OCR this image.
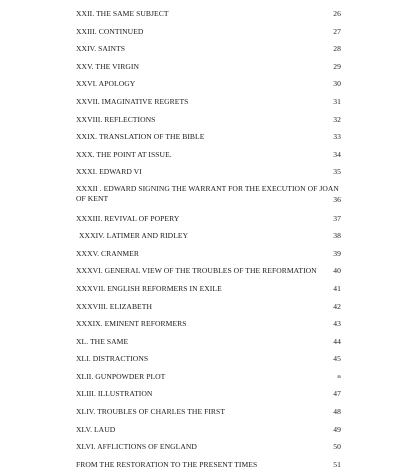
XXII. THE SAME SUBJECT	26
XXIII. CONTINUED	27
XXIV. SAINTS	28
XXV. THE VIRGIN	29
XXVI. APOLOGY	30
XXVII. IMAGINATIVE REGRETS	31
XXVIII. REFLECTIONS	32
XXIX. TRANSLATION OF THE BIBLE	33
XXX. THE POINT AT ISSUE.	34
XXXI. EDWARD VI	35
XXXII . EDWARD SIGNING THE WARRANT FOR THE EXECUTION OF JOAN OF KENT	36
XXXIII. REVIVAL OF POPERY	37
XXXIV. LATIMER AND RIDLEY	38
XXXV. CRANMER	39
XXXVI. GENERAL VIEW OF THE TROUBLES OF THE REFORMATION 40
XXXVII. ENGLISH REFORMERS IN EXILE	41
XXXVIII. ELIZABETH	42
XXXIX. EMINENT REFORMERS	43
XL. THE SAME	44
XLI. DISTRACTIONS	45
XLII. GUNPOWDER PLOT	46
XLIII. ILLUSTRATION	47
XLIV. TROUBLES OF CHARLES THE FIRST	48
XLV. LAUD	49
XLVI. AFFLICTIONS OF ENGLAND	50
FROM THE RESTORATION TO THE PRESENT TIMES	51
